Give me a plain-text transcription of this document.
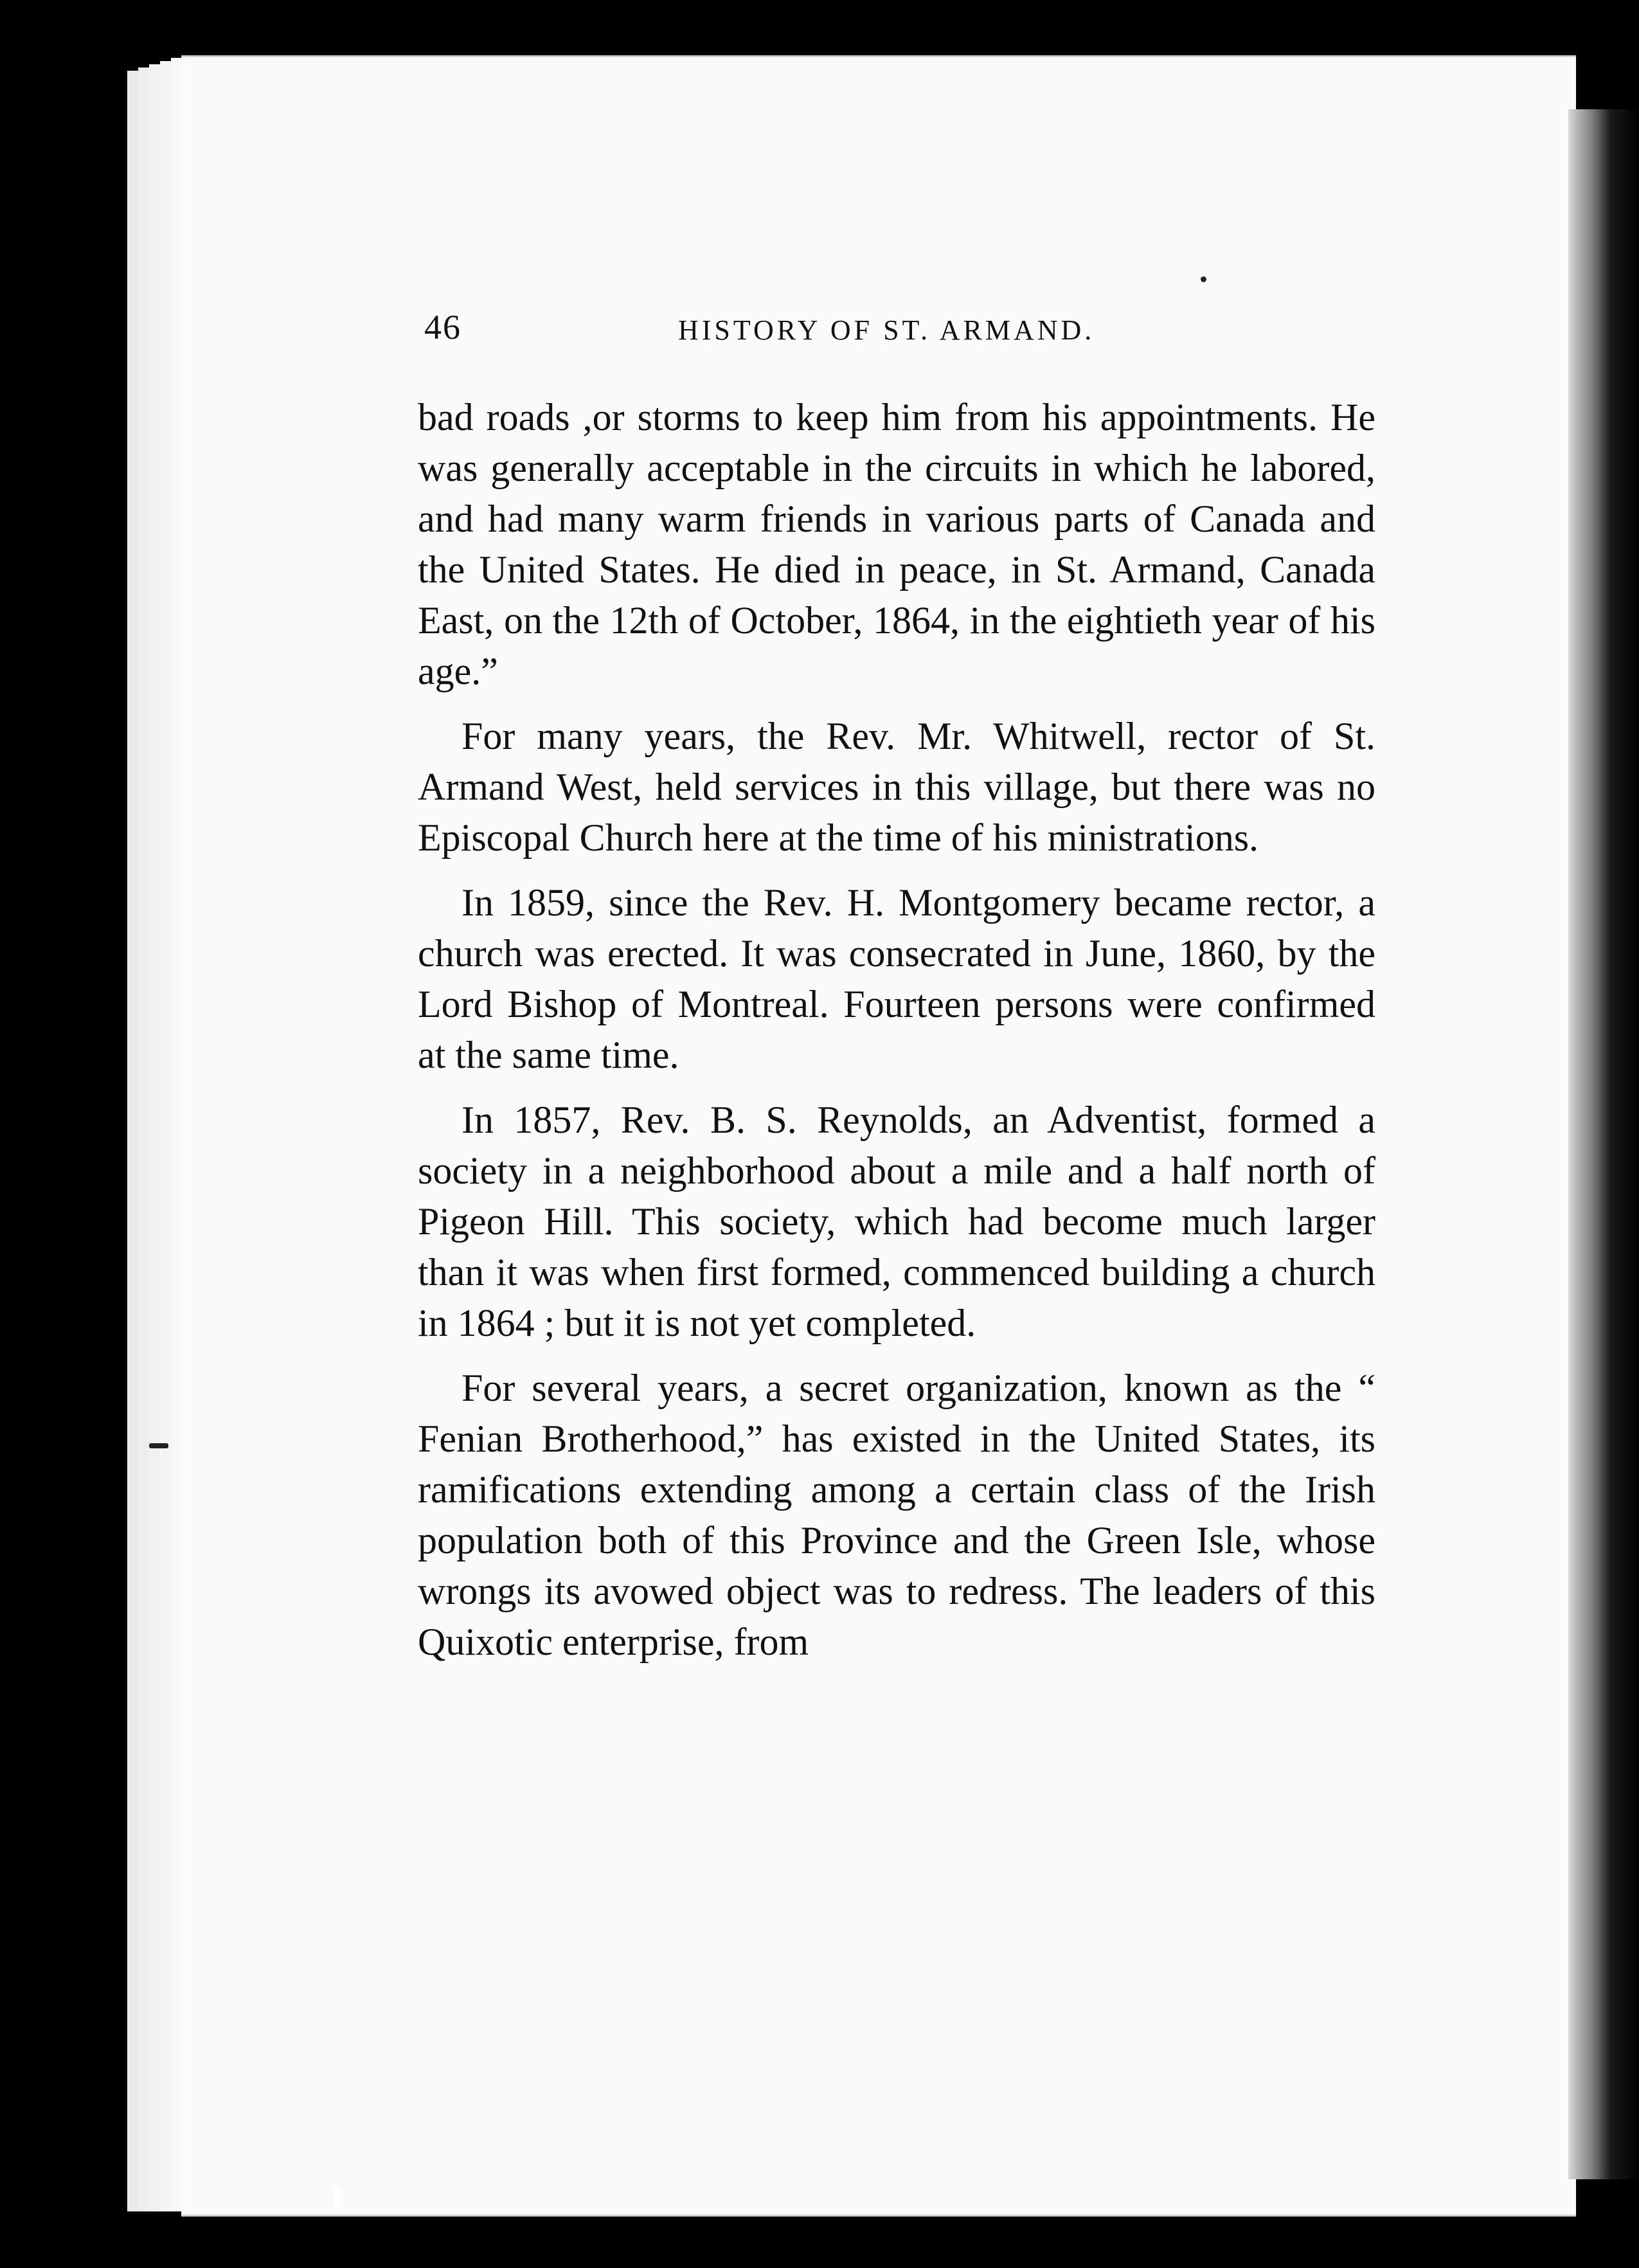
46	HISTORY OF ST. ARMAND.

bad roads ,or storms to keep him from his appointments. He was generally acceptable in the circuits in which he labored, and had many warm friends in various parts of Canada and the United States. He died in peace, in St. Armand, Canada East, on the 12th of October, 1864, in the eightieth year of his age.”

For many years, the Rev. Mr. Whitwell, rector of St. Armand West, held services in this village, but there was no Episcopal Church here at the time of his ministrations.

In 1859, since the Rev. H. Montgomery became rector, a church was erected. It was consecrated in June, 1860, by the Lord Bishop of Montreal. Fourteen persons were confirmed at the same time.

In 1857, Rev. B. S. Reynolds, an Adventist, formed a society in a neighborhood about a mile and a half north of Pigeon Hill. This society, which had become much larger than it was when first formed, commenced building a church in 1864 ; but it is not yet completed.

For several years, a secret organization, known as the “ Fenian Brotherhood,” has existed in the United States, its ramifications extending among a certain class of the Irish population both of this Province and the Green Isle, whose wrongs its avowed object was to redress. The leaders of this Quixotic enterprise, from
